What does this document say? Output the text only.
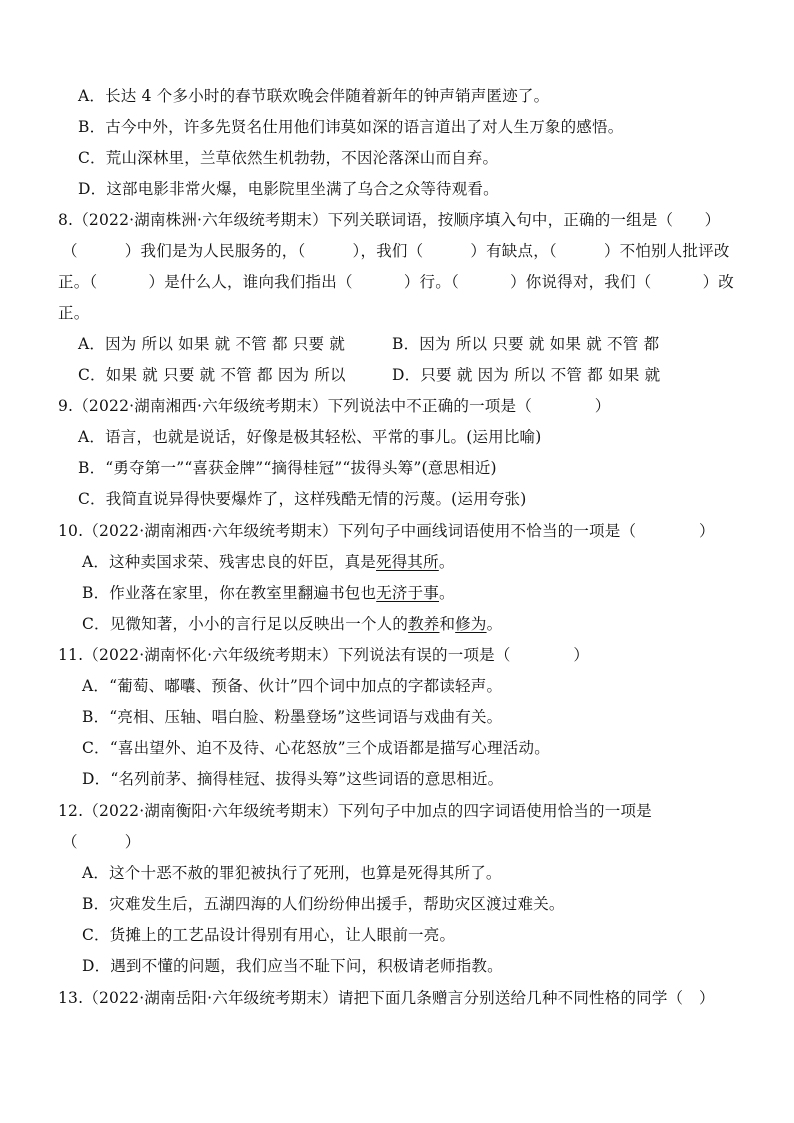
A．长达 4 个多小时的春节联欢晚会伴随着新年的钟声销声匿迹了。
B．古今中外，许多先贤名仕用他们讳莫如深的语言道出了对人生万象的感悟。
C．荒山深林里，兰草依然生机勃勃，不因沦落深山而自弃。
D．这部电影非常火爆，电影院里坐满了乌合之众等待观看。
8.（2022·湖南株洲·六年级统考期末）下列关联词语，按顺序填入句中，正确的一组是（　　）
（　　　）我们是为人民服务的，（　　　），我们（　　　）有缺点，（　　　）不怕别人批评改
正。（
　　	）是什么人，谁向我们指出（
　　	）行。（
　　	）你说得对，我们（
　　	）改
正。
A．因为 所以 如果 就 不管 都 只要 就	B．因为 所以 只要 就 如果 就 不管 都
C．如果 就 只要 就 不管 都 因为 所以	D．只要 就 因为 所以 不管 都 如果 就
9.（2022·湖南湘西·六年级统考期末）下列说法中不正确的一项是（　　　　）
A．语言，也就是说话，好像是极其轻松、平常的事儿。(运用比喻)
B．“勇夺第一”“喜获金牌”“摘得桂冠”“拔得头筹”(意思相近)
C．我简直说异得快要爆炸了，这样残酷无情的污蔑。(运用夸张)
10.（2022·湖南湘西·六年级统考期末）下列句子中画线词语使用不恰当的一项是（　　　　）
A．这种卖国求荣、残害忠良的奸臣，真是死得其所。
B．作业落在家里，你在教室里翻遍书包也无济于事。
C．见微知著，小小的言行足以反映出一个人的教养和修为。
11.（2022·湖南怀化·六年级统考期末）下列说法有误的一项是（　　　　）
A．“葡萄、嘟囔、预备、伙计”四个词中加点的字都读轻声。
B．“亮相、压轴、唱白脸、粉墨登场”这些词语与戏曲有关。
C．“喜出望外、迫不及待、心花怒放”三个成语都是描写心理活动。
D．“名列前茅、摘得桂冠、拔得头筹”这些词语的意思相近。
12.（2022·湖南衡阳·六年级统考期末）下列句子中加点的四字词语使用恰当的一项是
（　　　）
A．这个十恶不赦的罪犯被执行了死刑，也算是死得其所了。
B．灾难发生后，五湖四海的人们纷纷伸出援手，帮助灾区渡过难关。
C．货摊上的工艺品设计得别有用心，让人眼前一亮。
D．遇到不懂的问题，我们应当不耻下问，积极请老师指教。
13.（2022·湖南岳阳·六年级统考期末）请把下面几条赠言分别送给几种不同性格的同学（　）
